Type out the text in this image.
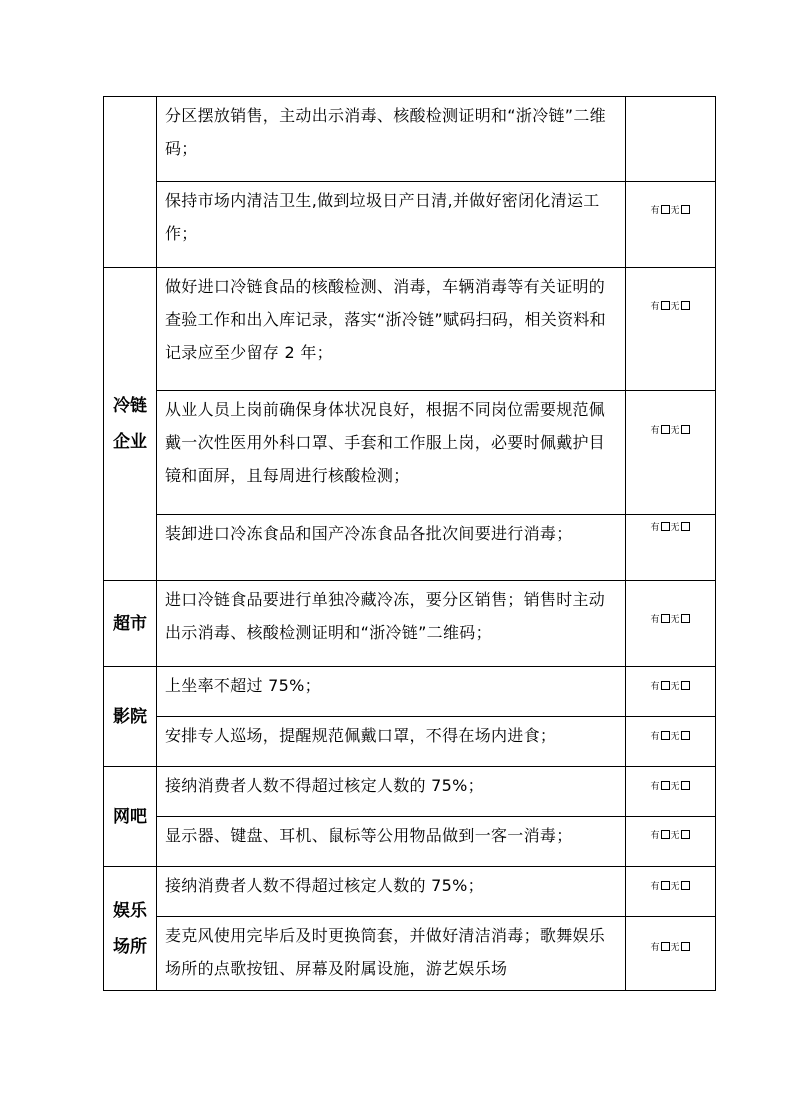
	分区摆放销售，主动出示消毒、核酸检测证明和“浙冷链”二维码；	
	保持市场内清洁卫生,做到垃圾日产日清,并做好密闭化清运工作；	有 无

冷链
企业	做好进口冷链食品的核酸检测、消毒，车辆消毒等有关证明的查验工作和出入库记录，落实“浙冷链”赋码扫码，相关资料和记录应至少留存 2 年；	有 无
	从业人员上岗前确保身体状况良好，根据不同岗位需要规范佩戴一次性医用外科口罩、手套和工作服上岗，必要时佩戴护目镜和面屏，且每周进行核酸检测；	有 无
	装卸进口冷冻食品和国产冷冻食品各批次间要进行消毒；	有 无

超市	进口冷链食品要进行单独冷藏冷冻，要分区销售；销售时主动出示消毒、核酸检测证明和“浙冷链”二维码；	有 无

影院	上坐率不超过 75%；	有 无
	安排专人巡场，提醒规范佩戴口罩，不得在场内进食；	有 无

网吧	接纳消费者人数不得超过核定人数的 75%；	有 无
	显示器、键盘、耳机、鼠标等公用物品做到一客一消毒；	有 无

娱乐
场所	接纳消费者人数不得超过核定人数的 75%；	有 无
	麦克风使用完毕后及时更换筒套，并做好清洁消毒；歌舞娱乐场所的点歌按钮、屏幕及附属设施，游艺娱乐场	有 无
